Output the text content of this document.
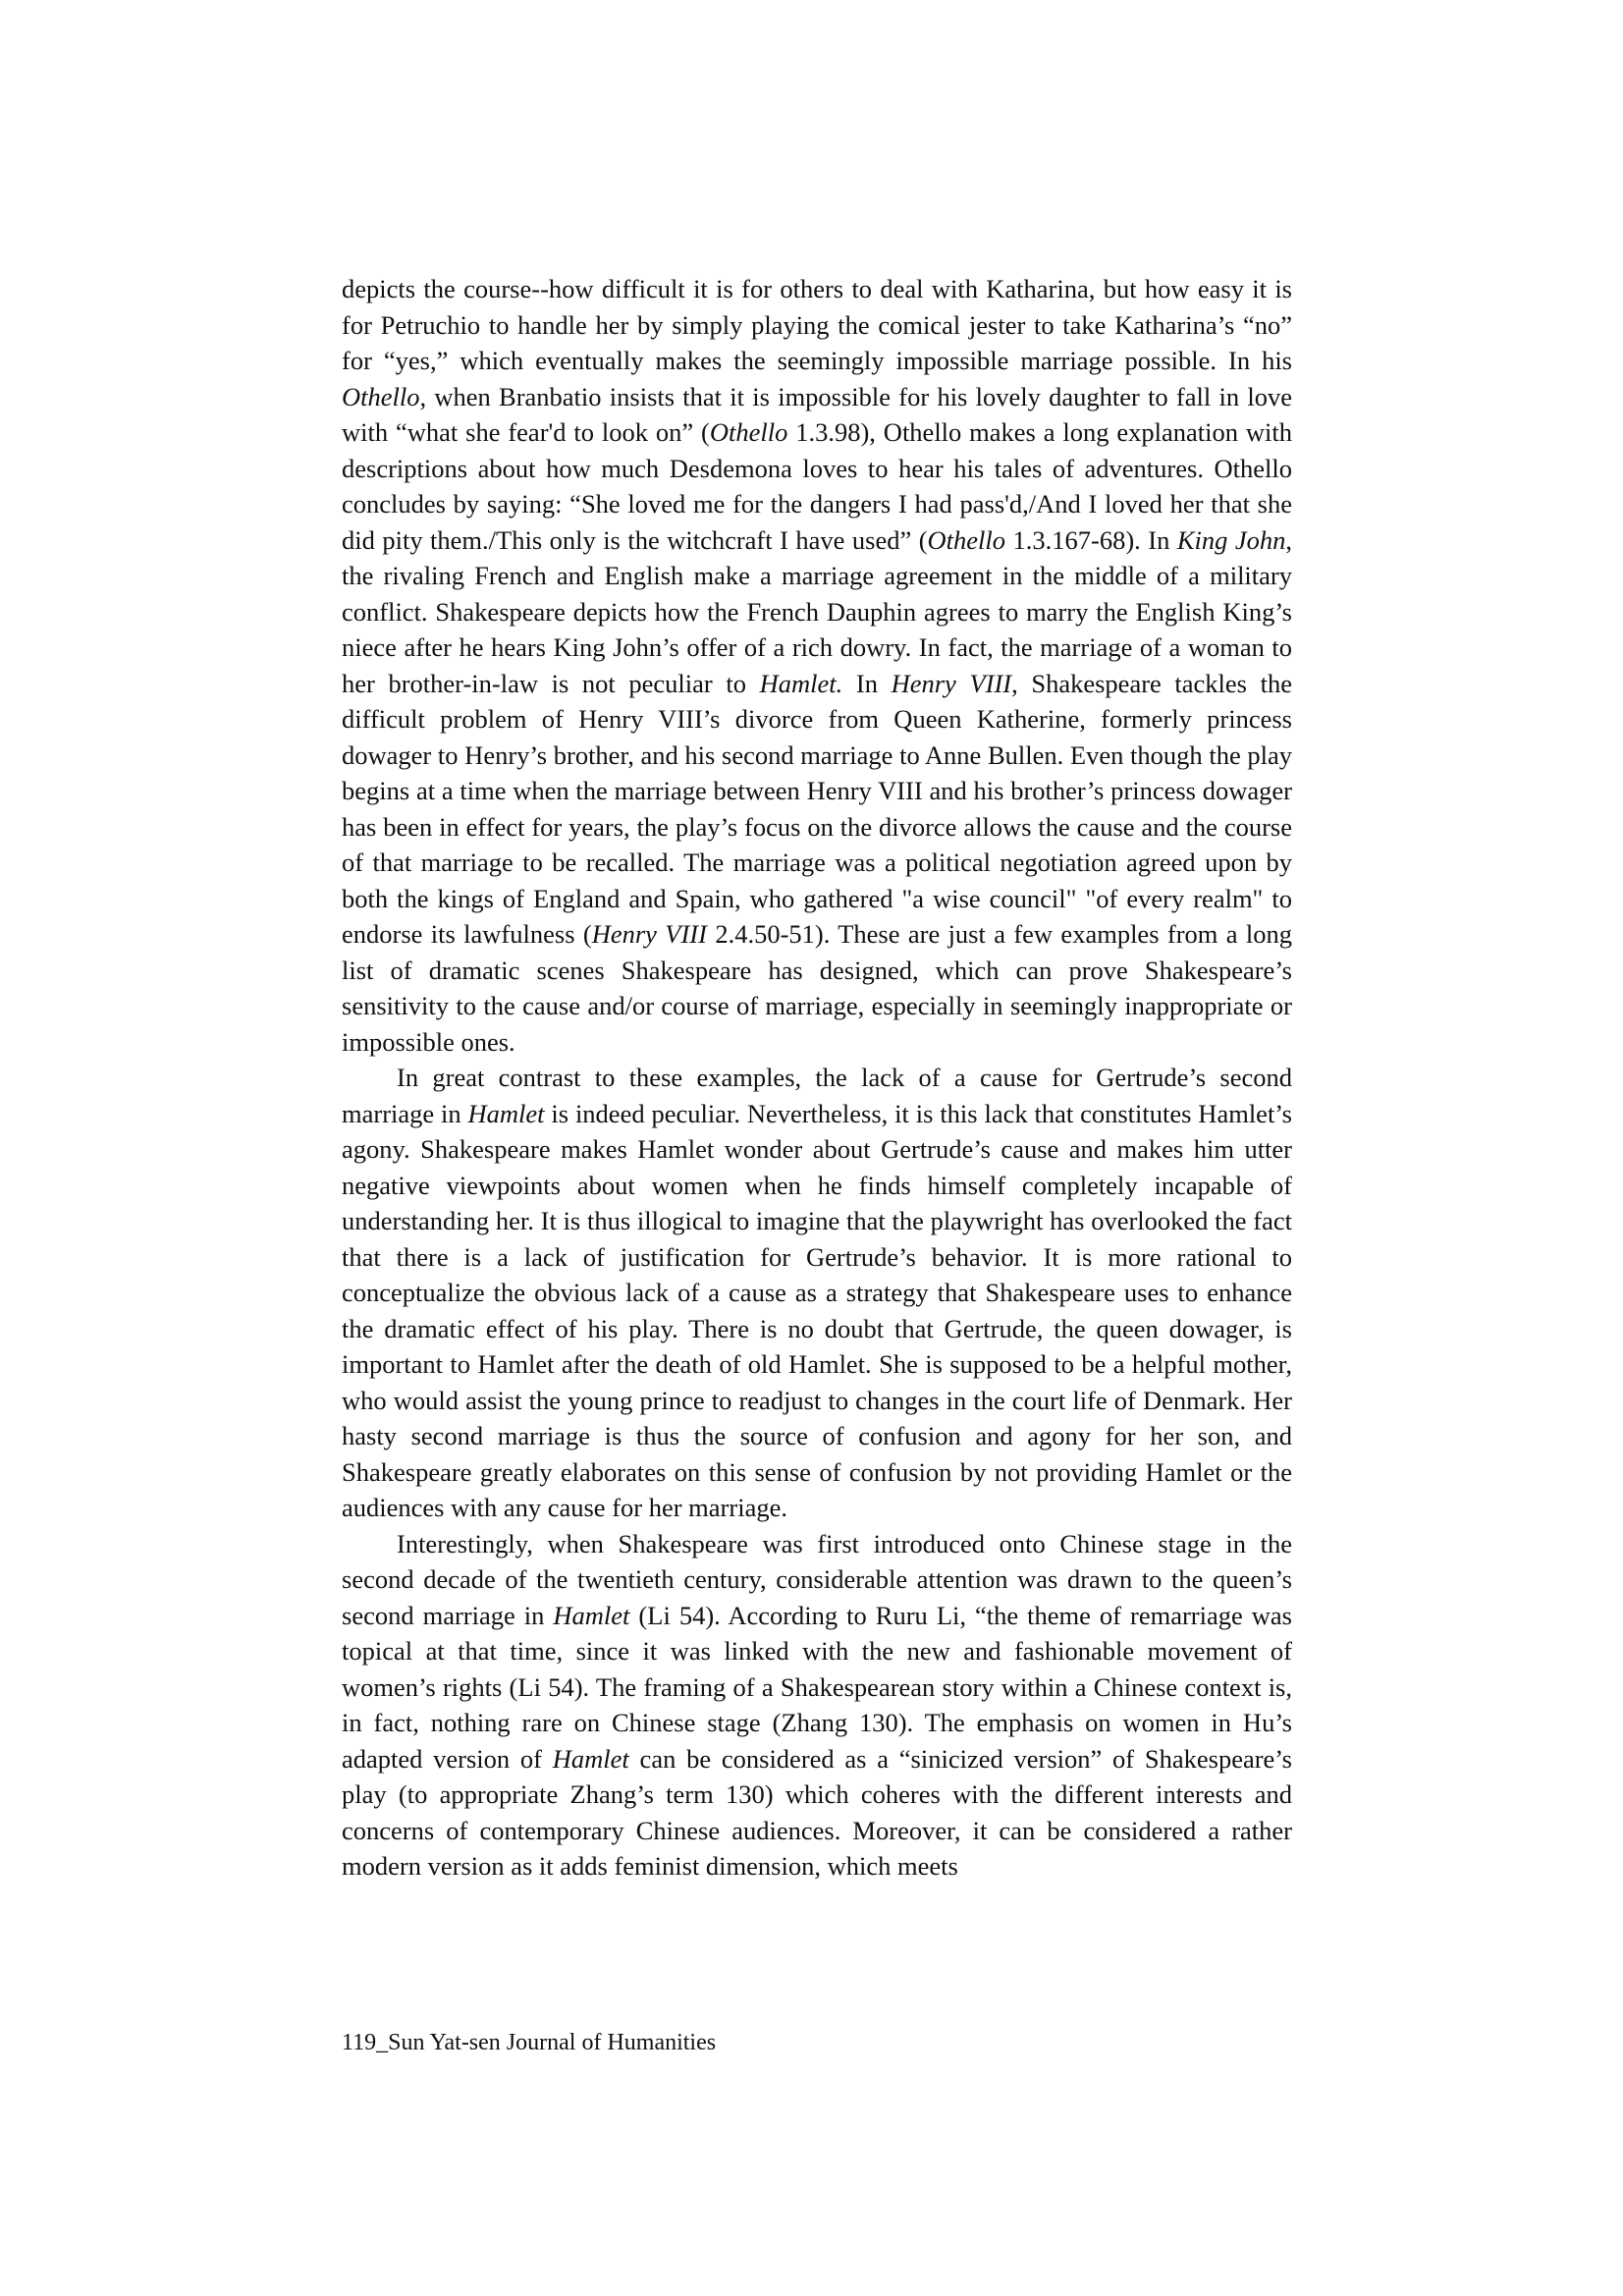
depicts the course--how difficult it is for others to deal with Katharina, but how easy it is for Petruchio to handle her by simply playing the comical jester to take Katharina’s “no” for “yes,” which eventually makes the seemingly impossible marriage possible. In his Othello, when Branbatio insists that it is impossible for his lovely daughter to fall in love with “what she fear'd to look on” (Othello 1.3.98), Othello makes a long explanation with descriptions about how much Desdemona loves to hear his tales of adventures. Othello concludes by saying: “She loved me for the dangers I had pass'd,/And I loved her that she did pity them./This only is the witchcraft I have used” (Othello 1.3.167-68). In King John, the rivaling French and English make a marriage agreement in the middle of a military conflict. Shakespeare depicts how the French Dauphin agrees to marry the English King’s niece after he hears King John’s offer of a rich dowry. In fact, the marriage of a woman to her brother-in-law is not peculiar to Hamlet. In Henry VIII, Shakespeare tackles the difficult problem of Henry VIII’s divorce from Queen Katherine, formerly princess dowager to Henry’s brother, and his second marriage to Anne Bullen. Even though the play begins at a time when the marriage between Henry VIII and his brother’s princess dowager has been in effect for years, the play’s focus on the divorce allows the cause and the course of that marriage to be recalled. The marriage was a political negotiation agreed upon by both the kings of England and Spain, who gathered "a wise council" "of every realm" to endorse its lawfulness (Henry VIII 2.4.50-51). These are just a few examples from a long list of dramatic scenes Shakespeare has designed, which can prove Shakespeare’s sensitivity to the cause and/or course of marriage, especially in seemingly inappropriate or impossible ones.

In great contrast to these examples, the lack of a cause for Gertrude’s second marriage in Hamlet is indeed peculiar. Nevertheless, it is this lack that constitutes Hamlet’s agony. Shakespeare makes Hamlet wonder about Gertrude’s cause and makes him utter negative viewpoints about women when he finds himself completely incapable of understanding her. It is thus illogical to imagine that the playwright has overlooked the fact that there is a lack of justification for Gertrude’s behavior. It is more rational to conceptualize the obvious lack of a cause as a strategy that Shakespeare uses to enhance the dramatic effect of his play. There is no doubt that Gertrude, the queen dowager, is important to Hamlet after the death of old Hamlet. She is supposed to be a helpful mother, who would assist the young prince to readjust to changes in the court life of Denmark. Her hasty second marriage is thus the source of confusion and agony for her son, and Shakespeare greatly elaborates on this sense of confusion by not providing Hamlet or the audiences with any cause for her marriage.

Interestingly, when Shakespeare was first introduced onto Chinese stage in the second decade of the twentieth century, considerable attention was drawn to the queen’s second marriage in Hamlet (Li 54). According to Ruru Li, “the theme of remarriage was topical at that time, since it was linked with the new and fashionable movement of women’s rights (Li 54). The framing of a Shakespearean story within a Chinese context is, in fact, nothing rare on Chinese stage (Zhang 130). The emphasis on women in Hu’s adapted version of Hamlet can be considered as a “sinicized version” of Shakespeare’s play (to appropriate Zhang’s term 130) which coheres with the different interests and concerns of contemporary Chinese audiences. Moreover, it can be considered a rather modern version as it adds feminist dimension, which meets

119_Sun Yat-sen Journal of Humanities
